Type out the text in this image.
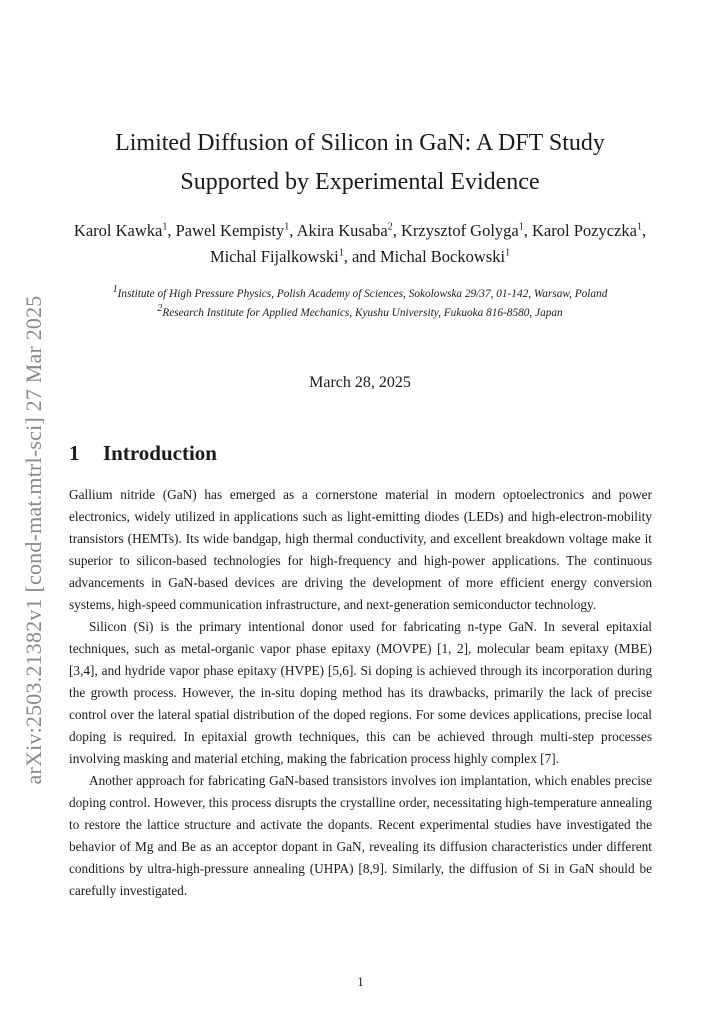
arXiv:2503.21382v1 [cond-mat.mtrl-sci] 27 Mar 2025
Limited Diffusion of Silicon in GaN: A DFT Study
Supported by Experimental Evidence
Karol Kawka$^1$, Pawel Kempisty$^1$, Akira Kusaba$^2$, Krzysztof Golyga$^1$, Karol Pozyczka$^1$, Michal Fijalkowski$^1$, and Michal Bockowski$^1$
$^1$Institute of High Pressure Physics, Polish Academy of Sciences, Sokolowska 29/37, 01-142, Warsaw, Poland
$^2$Research Institute for Applied Mechanics, Kyushu University, Fukuoka 816-8580, Japan
March 28, 2025
1 Introduction

Gallium nitride (GaN) has emerged as a cornerstone material in modern optoelectronics and power electronics, widely utilized in applications such as light-emitting diodes (LEDs) and high-electron-mobility transistors (HEMTs). Its wide bandgap, high thermal conductivity, and excellent breakdown voltage make it superior to silicon-based technologies for high-frequency and high-power applications. The continuous advancements in GaN-based devices are driving the development of more efficient energy conversion systems, high-speed communication infrastructure, and next-generation semiconductor technology.

Silicon (Si) is the primary intentional donor used for fabricating n-type GaN. In several epitaxial techniques, such as metal-organic vapor phase epitaxy (MOVPE) [1, 2], molecular beam epitaxy (MBE) [3,4], and hydride vapor phase epitaxy (HVPE) [5,6]. Si doping is achieved through its incorporation during the growth process. However, the in-situ doping method has its drawbacks, primarily the lack of precise control over the lateral spatial distribution of the doped regions. For some devices applications, precise local doping is required. In epitaxial growth techniques, this can be achieved through multi-step processes involving masking and material etching, making the fabrication process highly complex [7].

Another approach for fabricating GaN-based transistors involves ion implantation, which enables precise doping control. However, this process disrupts the crystalline order, necessitating high-temperature annealing to restore the lattice structure and activate the dopants. Recent experimental studies have investigated the behavior of Mg and Be as an acceptor dopant in GaN, revealing its diffusion characteristics under different conditions by ultra-high-pressure annealing (UHPA) [8,9]. Similarly, the diffusion of Si in GaN should be carefully investigated.

1
